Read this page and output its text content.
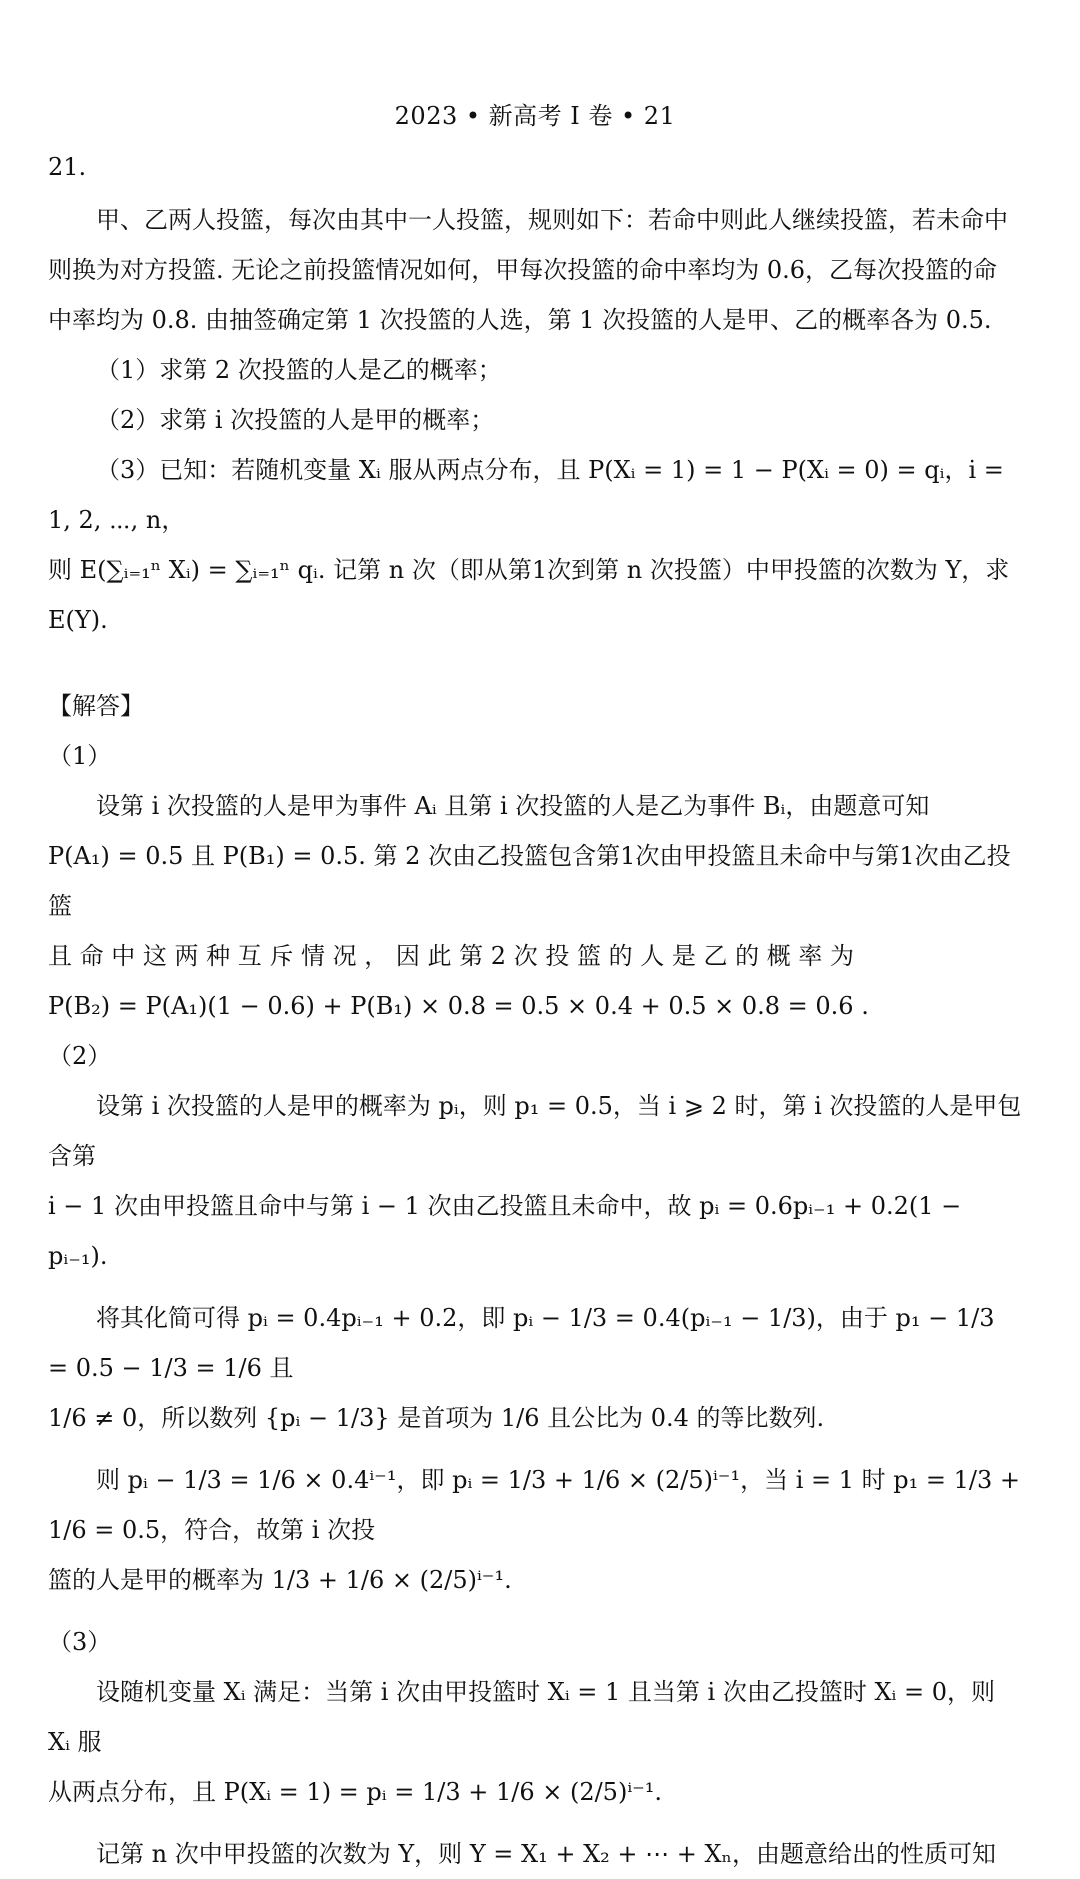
2023 • 新高考 I 卷 • 21
21.

甲、乙两人投篮，每次由其中一人投篮，规则如下：若命中则此人继续投篮，若未命中

则换为对方投篮. 无论之前投篮情况如何，甲每次投篮的命中率均为 0.6，乙每次投篮的命

中率均为 0.8. 由抽签确定第 1 次投篮的人选，第 1 次投篮的人是甲、乙的概率各为 0.5.

（1）求第 2 次投篮的人是乙的概率；

（2）求第 i 次投篮的人是甲的概率；

（3）已知：若随机变量 Xᵢ 服从两点分布，且 P(Xᵢ = 1) = 1 − P(Xᵢ = 0) = qᵢ，i = 1, 2, ⋯, n，

则 E(∑ᵢ₌₁ⁿ Xᵢ) = ∑ᵢ₌₁ⁿ qᵢ. 记第 n 次（即从第1次到第 n 次投篮）中甲投篮的次数为 Y，求 E(Y).

【解答】

（1）

设第 i 次投篮的人是甲为事件 Aᵢ 且第 i 次投篮的人是乙为事件 Bᵢ，由题意可知

P(A₁) = 0.5 且 P(B₁) = 0.5. 第 2 次由乙投篮包含第1次由甲投篮且未命中与第1次由乙投篮

且 命 中 这 两 种 互 斥 情 况 ， 因 此 第 2 次 投 篮 的 人 是 乙 的 概 率 为

P(B₂) = P(A₁)(1 − 0.6) + P(B₁) × 0.8 = 0.5 × 0.4 + 0.5 × 0.8 = 0.6 .

（2）

设第 i 次投篮的人是甲的概率为 pᵢ，则 p₁ = 0.5，当 i ⩾ 2 时，第 i 次投篮的人是甲包含第

i − 1 次由甲投篮且命中与第 i − 1 次由乙投篮且未命中，故 pᵢ = 0.6pᵢ₋₁ + 0.2(1 − pᵢ₋₁).

将其化简可得 pᵢ = 0.4pᵢ₋₁ + 0.2，即 pᵢ − 1/3 = 0.4(pᵢ₋₁ − 1/3)，由于 p₁ − 1/3 = 0.5 − 1/3 = 1/6 且

1/6 ≠ 0，所以数列 {pᵢ − 1/3} 是首项为 1/6 且公比为 0.4 的等比数列.

则 pᵢ − 1/3 = 1/6 × 0.4ⁱ⁻¹，即 pᵢ = 1/3 + 1/6 × (2/5)ⁱ⁻¹，当 i = 1 时 p₁ = 1/3 + 1/6 = 0.5，符合，故第 i 次投

篮的人是甲的概率为 1/3 + 1/6 × (2/5)ⁱ⁻¹.

（3）

设随机变量 Xᵢ 满足：当第 i 次由甲投篮时 Xᵢ = 1 且当第 i 次由乙投篮时 Xᵢ = 0，则 Xᵢ 服

从两点分布，且 P(Xᵢ = 1) = pᵢ = 1/3 + 1/6 × (2/5)ⁱ⁻¹.

记第 n 次中甲投篮的次数为 Y，则 Y = X₁ + X₂ + ⋯ + Xₙ，由题意给出的性质可知
